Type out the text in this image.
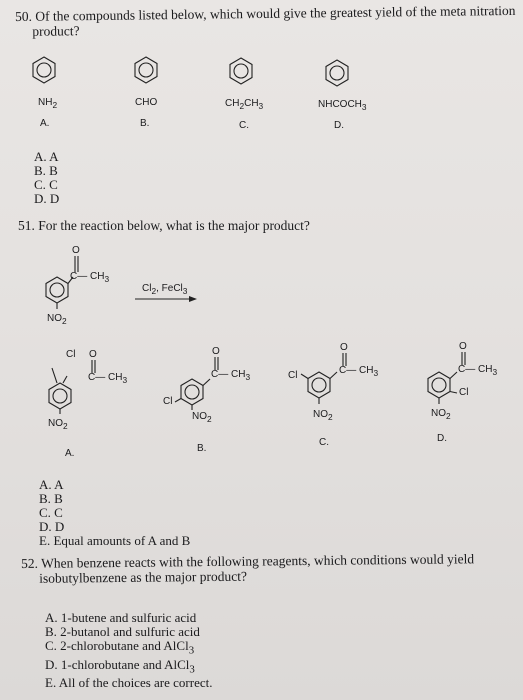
50. Of the compounds listed below, which would give the greatest yield of the meta nitration
product?
$NH_2$
A.
CHO
B.
$CH_2CH_3$
C.
$NHCOCH_3$
D.
A. A
B. B
C. C
D. D
51. For the reaction below, what is the major product?
O
C— $CH_3$
$NO_2$
$Cl_2$, FeCl$_3$
Cl O
C— $CH_3$
$NO_2$
A.
O
C— $CH_3$
Cl
$NO_2$
B.
O
C— $CH_3$
Cl
$NO_2$
C.
O
C— $CH_3$
Cl
$NO_2$
D.
A. A
B. B
C. C
D. D
E. Equal amounts of A and B
52. When benzene reacts with the following reagents, which conditions would yield
isobutylbenzene as the major product?
A. 1-butene and sulfuric acid
B. 2-butanol and sulfuric acid
C. 2-chlorobutane and AlCl$_3$
D. 1-chlorobutane and AlCl$_3$
E. All of the choices are correct.
